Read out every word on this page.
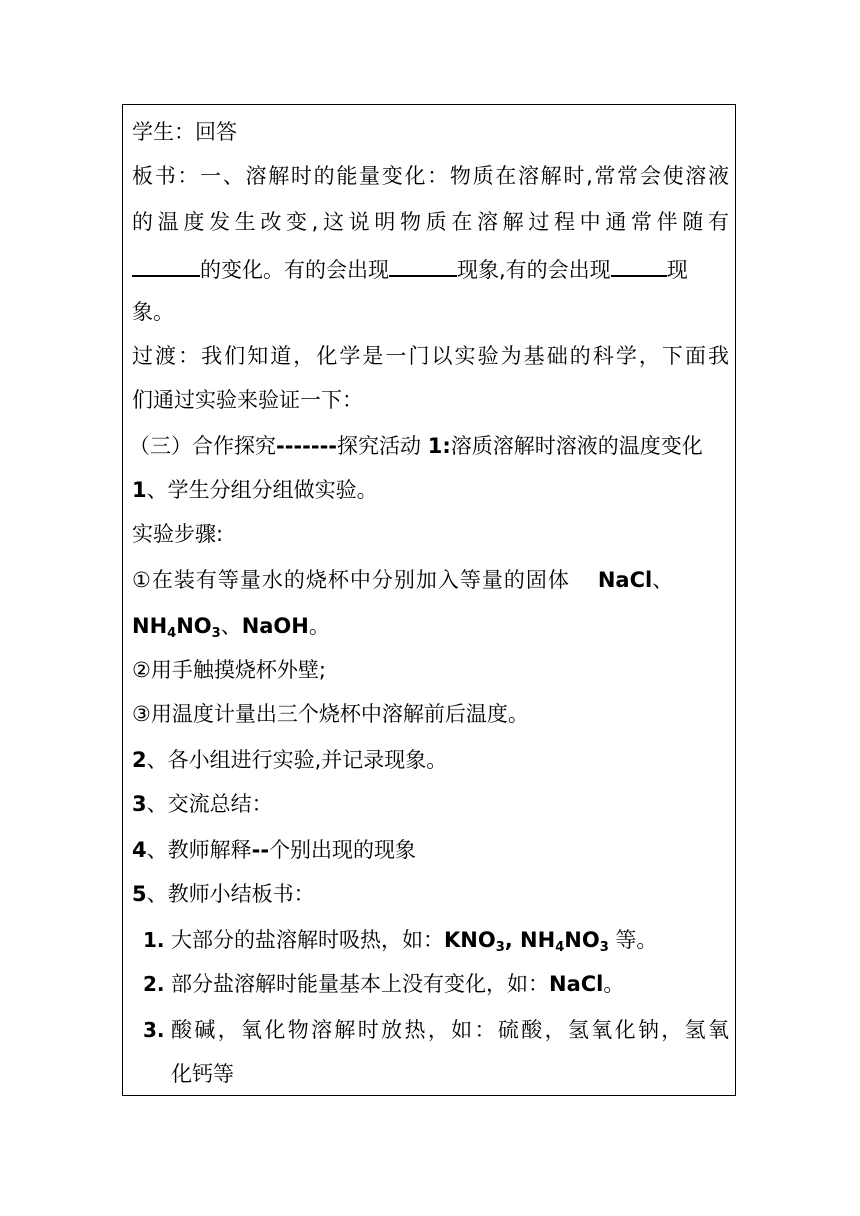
学生：回答
板书：一、溶解时的能量变化：物质在溶解时,常常会使溶液
的温度发生改变,这说明物质在溶解过程中通常伴随有
的变化。有的会出现	现象,有的会出现	现
象。
过渡：我们知道，化学是一门以实验为基础的科学，下面我
们通过实验来验证一下：
（三）合作探究-------探究活动 1:溶质溶解时溶液的温度变化
1、学生分组分组做实验。
实验步骤:
①在装有等量水的烧杯中分别加入等量的固体 NaCl、
$NH_4NO_3$、NaOH。
②用手触摸烧杯外壁;
③用温度计量出三个烧杯中溶解前后温度。
2、各小组进行实验,并记录现象。
3、交流总结：
4、教师解释--个别出现的现象
5、教师小结板书：
1. 大部分的盐溶解时吸热，如：$KNO_3$, $NH_4NO_3$ 等。
2. 部分盐溶解时能量基本上没有变化，如：NaCl。
3. 酸碱，氧化物溶解时放热，如：硫酸，氢氧化钠，氢氧
化钙等
